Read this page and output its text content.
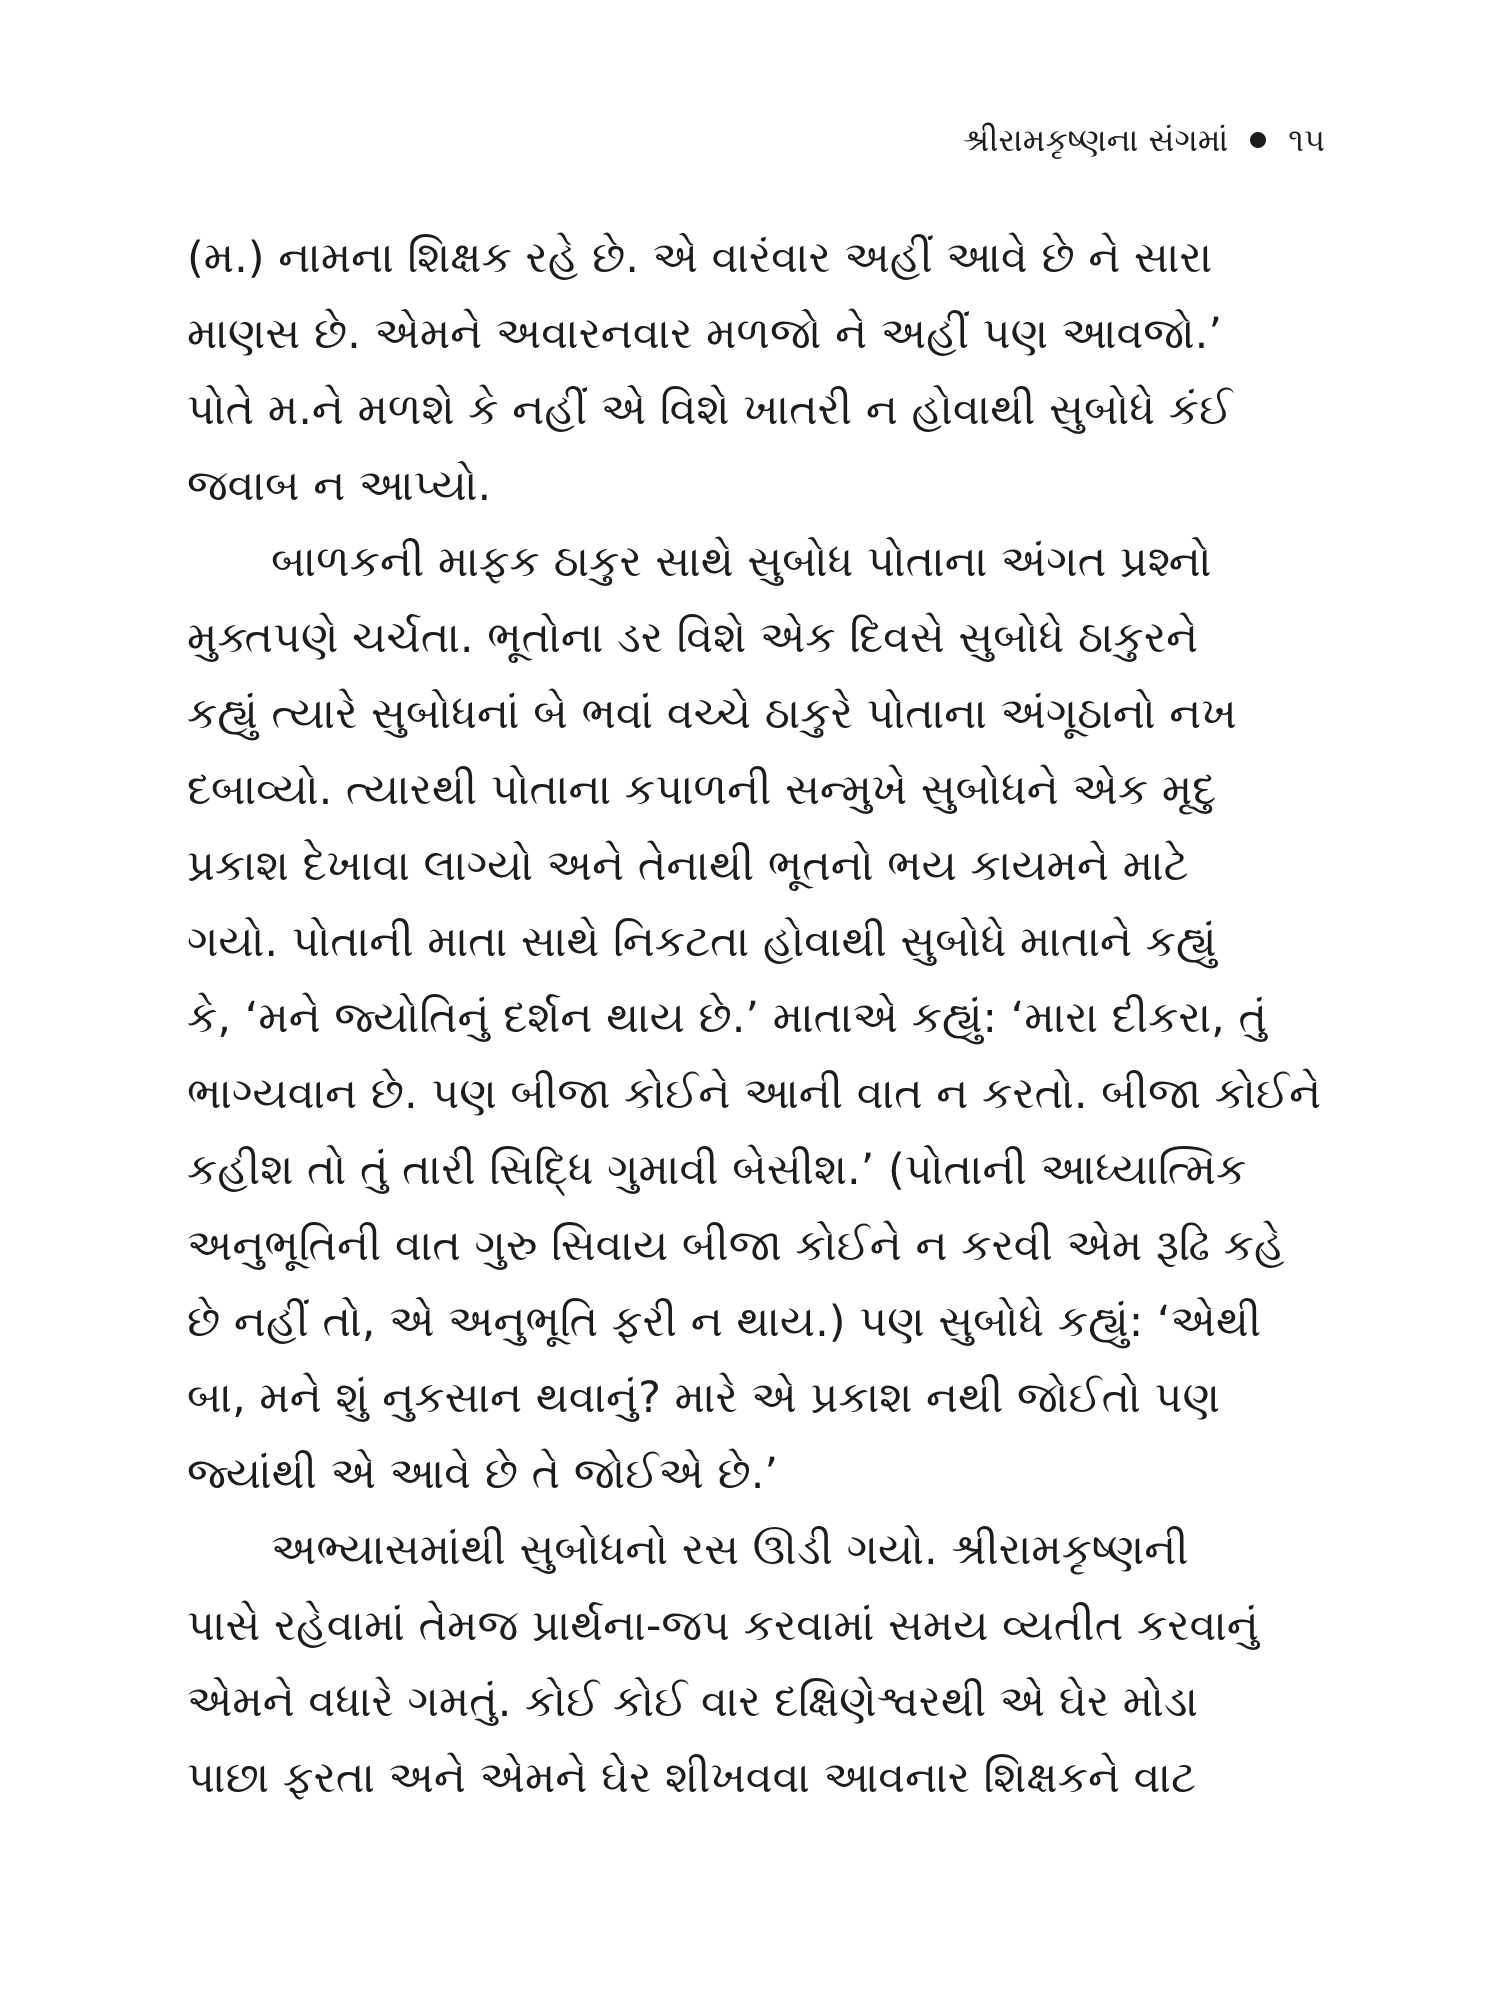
શ્રીરામકૃષ્ણના સંગમાં ૧૫
(મ.) નામના શિક્ષક રહે છે. એ વારંવાર અહીં આવે છે ને સારા
માણસ છે. એમને અવારનવાર મળજો ને અહીં પણ આવજો.’
પોતે મ.ને મળશે કે નહીં એ વિશે ખાતરી ન હોવાથી સુબોધે કંઈ
જવાબ ન આપ્યો.
બાળકની માફક ઠાકુર સાથે સુબોધ પોતાના અંગત પ્રશ્નો
મુક્તપણે ચર્ચતા. ભૂતોના ડર વિશે એક દિવસે સુબોધે ઠાકુરને
કહ્યું ત્યારે સુબોધનાં બે ભવાં વચ્ચે ઠાકુરે પોતાના અંગૂઠાનો નખ
દબાવ્યો. ત્યારથી પોતાના કપાળની સન્મુખે સુબોધને એક મૃદુ
પ્રકાશ દેખાવા લાગ્યો અને તેનાથી ભૂતનો ભય કાયમને માટે
ગયો. પોતાની માતા સાથે નિકટતા હોવાથી સુબોધે માતાને કહ્યું
કે, ‘મને જ્યોતિનું દર્શન થાય છે.’ માતાએ કહ્યું: ‘મારા દીકરા, તું
ભાગ્યવાન છે. પણ બીજા કોઈને આની વાત ન કરતો. બીજા કોઈને
કહીશ તો તું તારી સિદ્ધિ ગુમાવી બેસીશ.’ (પોતાની આધ્યાત્મિક
અનુભૂતિની વાત ગુરુ સિવાય બીજા કોઈને ન કરવી એમ રૂઢિ કહે
છે નહીં તો, એ અનુભૂતિ ફરી ન થાય.) પણ સુબોધે કહ્યું: ‘એથી
બા, મને શું નુકસાન થવાનું? મારે એ પ્રકાશ નથી જોઈતો પણ
જ્યાંથી એ આવે છે તે જોઈએ છે.’
અભ્યાસમાંથી સુબોધનો રસ ઊડી ગયો. શ્રીરામકૃષ્ણની
પાસે રહેવામાં તેમજ પ્રાર્થના-જપ કરવામાં સમય વ્યતીત કરવાનું
એમને વધારે ગમતું. કોઈ કોઈ વાર દક્ષિણેશ્વરથી એ ઘેર મોડા
પાછા ફરતા અને એમને ઘેર શીખવવા આવનાર શિક્ષકને વાટ
